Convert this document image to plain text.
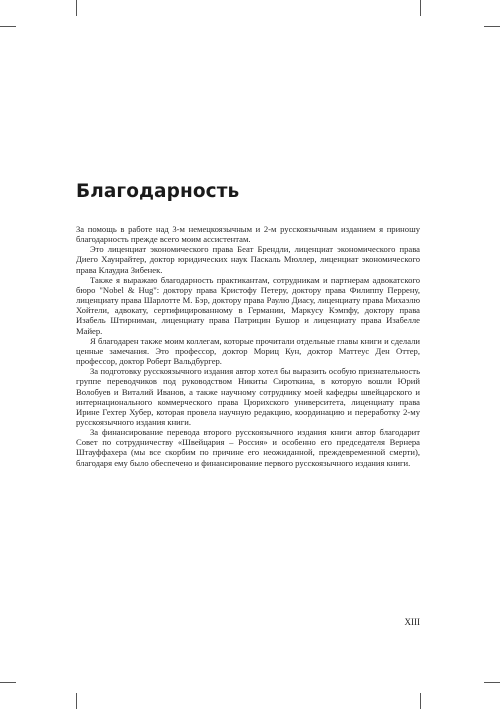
Благодарность

За помощь в работе над 3-м немецкоязычным и 2-м русскоязычным изданием я приношу благодарность прежде всего моим ассистентам.

Это лиценциат экономического права Беат Брендли, лиценциат экономического права Диего Хаунрайтер, доктор юридических наук Паскаль Мюллер, лиценциат экономического права Клаудиа Зибенек.

Также я выражаю благодарность практикантам, сотрудникам и партнерам адвокатского бюро "Nobel & Hug": доктору права Кристофу Петеру, доктору права Филиппу Перрену, лиценциату права Шарлотте М. Бэр, доктору права Раулю Диасу, лиценциату права Михаэлю Хойтели, адвокату, сертифицированному в Германии, Маркусу Кэмпфу, доктору права Изабель Штирниман, лиценциату права Патрицин Бушор и лиценциату права Изабелле Майер.

Я благодарен также моим коллегам, которые прочитали отдельные главы книги и сделали ценные замечания. Это профессор, доктор Мориц Кун, доктор Маттеус Ден Оттер, профессор, доктор Роберт Вальдбургер.

За подготовку русскоязычного издания автор хотел бы выразить особую признательность группе переводчиков под руководством Никиты Сироткина, в которую вошли Юрий Волобуев и Виталий Иванов, а также научному сотруднику моей кафедры швейцарского и интернационального коммерческого права Цюрихского университета, лиценциату права Ирине Гехтер Хубер, которая провела научную редакцию, координацию и переработку 2-му русскоязычного издания книги.

За финансирование перевода второго русскоязычного издания книги автор благодарит Совет по сотрудничеству «Швейцария – Россия» и особенно его председателя Вернера Штауффахера (мы все скорбим по причине его неожиданной, преждевременной смерти), благодаря ему было обеспечено и финансирование первого русскоязычного издания книги.

XIII
